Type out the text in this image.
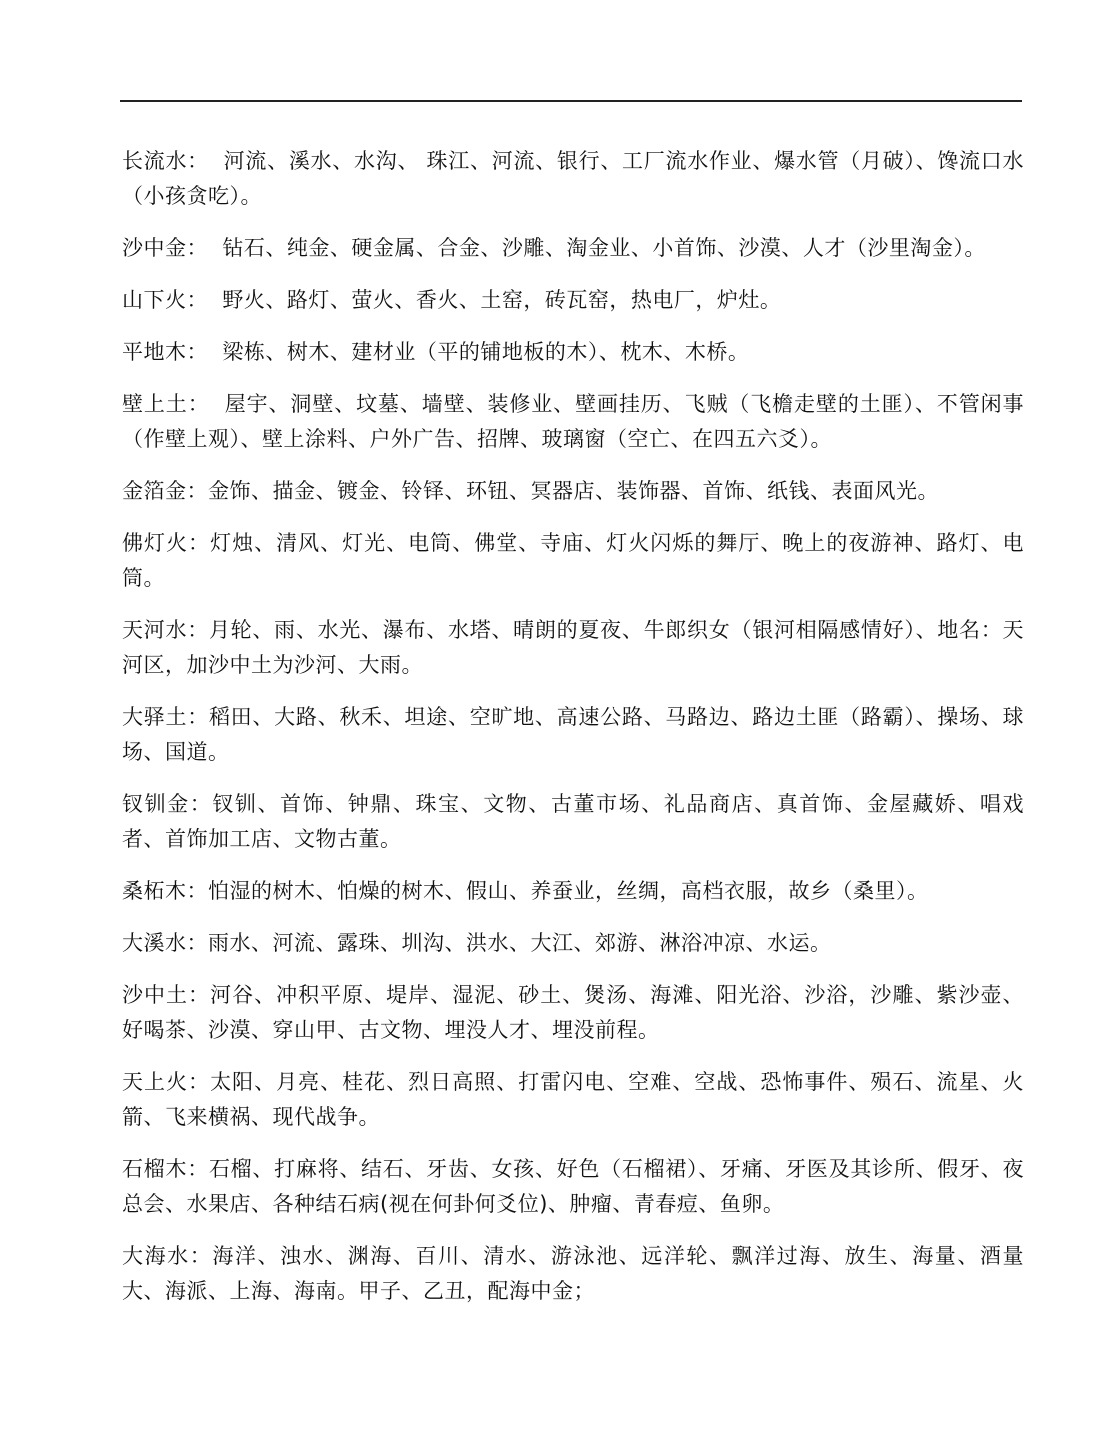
长流水：  河流、溪水、水沟、 珠江、河流、银行、工厂流水作业、爆水管（月破）、馋流口水（小孩贪吃）。

沙中金：  钻石、纯金、硬金属、合金、沙雕、淘金业、小首饰、沙漠、人才（沙里淘金）。

山下火：  野火、路灯、萤火、香火、土窑，砖瓦窑，热电厂，炉灶。

平地木：  梁栋、树木、建材业（平的铺地板的木）、枕木、木桥。

壁上土：  屋宇、洞壁、坟墓、墙壁、装修业、壁画挂历、飞贼（飞檐走壁的土匪）、不管闲事（作壁上观）、壁上涂料、户外广告、招牌、玻璃窗（空亡、在四五六爻）。

金箔金：金饰、描金、镀金、铃铎、环钮、冥器店、装饰器、首饰、纸钱、表面风光。

佛灯火：灯烛、清风、灯光、电筒、佛堂、寺庙、灯火闪烁的舞厅、晚上的夜游神、路灯、电筒。

天河水：月轮、雨、水光、瀑布、水塔、晴朗的夏夜、牛郎织女（银河相隔感情好）、地名：天河区，加沙中土为沙河、大雨。

大驿土：稻田、大路、秋禾、坦途、空旷地、高速公路、马路边、路边土匪（路霸）、操场、球场、国道。

钗钏金：钗钏、首饰、钟鼎、珠宝、文物、古董市场、礼品商店、真首饰、金屋藏娇、唱戏者、首饰加工店、文物古董。

桑柘木：怕湿的树木、怕燥的树木、假山、养蚕业，丝绸，高档衣服，故乡（桑里）。

大溪水：雨水、河流、露珠、圳沟、洪水、大江、郊游、淋浴冲凉、水运。

沙中土：河谷、冲积平原、堤岸、湿泥、砂土、煲汤、海滩、阳光浴、沙浴，沙雕、紫沙壶、好喝茶、沙漠、穿山甲、古文物、埋没人才、埋没前程。

天上火：太阳、月亮、桂花、烈日高照、打雷闪电、空难、空战、恐怖事件、殒石、流星、火箭、飞来横祸、现代战争。

石榴木：石榴、打麻将、结石、牙齿、女孩、好色（石榴裙）、牙痛、牙医及其诊所、假牙、夜总会、水果店、各种结石病(视在何卦何爻位)、肿瘤、青春痘、鱼卵。

大海水：海洋、浊水、渊海、百川、清水、游泳池、远洋轮、飘洋过海、放生、海量、酒量大、海派、上海、海南。甲子、乙丑，配海中金；
